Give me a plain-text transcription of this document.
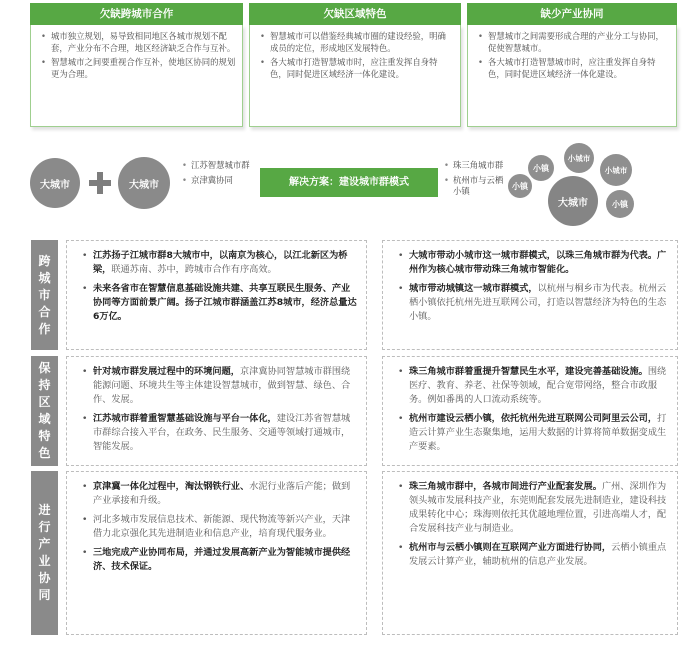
欠缺跨城市合作
• 城市独立规划，易导致相同地区各城市规划不配套，产业分布不合理，地区经济缺乏合作与互补。
• 智慧城市之间要重视合作互补，使地区协同的规划更为合理。
欠缺区域特色
• 智慧城市可以借鉴经典城市圈的建设经验，明确成员的定位，形成地区发展特色。
• 各大城市打造智慧城市时，应注重发挥自身特色，同时促进区域经济一体化建设。
缺少产业协同
• 智慧城市之间需要形成合理的产业分工与协同，促使智慧城市。
• 各大城市打造智慧城市时，应注重发挥自身特色，同时促进区域经济一体化建设。
大城市	大城市
• 江苏智慧城市群
• 京津冀协同	解决方案：建设城市群模式
• 珠三角城市群
• 杭州市与云栖小镇
大城市
小镇
小城市
小镇
小城市
小镇
跨城市合作
• 江苏扬子江城市群8大城市中，以南京为核心，以江北新区为桥梁，联通苏南、苏中，跨城市合作有序高效。
• 未来各省市在智慧信息基础设施共建、共享互联民生服务、产业协同等方面前景广阔。扬子江城市群涵盖江苏8城市，经济总量达6万亿。
• 大城市带动小城市这一城市群模式，以珠三角城市群为代表。广州作为核心城市带动珠三角城市智能化。
• 城市带动城镇这一城市群模式，以杭州与桐乡市为代表。杭州云栖小镇依托杭州先进互联网公司，打造以智慧经济为特色的生态小镇。
保持区域特色
• 针对城市群发展过程中的环境问题，京津冀协同智慧城市群围绕能源问题、环境共生等主体建设智慧城市，做到智慧、绿色、合作、发展。
• 江苏城市群着重智慧基础设施与平台一体化，建设江苏省智慧城市群综合接入平台，在政务、民生服务、交通等领域打通城市，智能发展。
• 珠三角城市群着重提升智慧民生水平，建设完善基础设施。围绕医疗、教育、养老、社保等领域，配合宽带网络，整合市政服务。例如番禺的人口流动系统等。
• 杭州市建设云栖小镇，依托杭州先进互联网公司阿里云公司，打造云计算产业生态聚集地，运用大数据的计算将简单数据变成生产要素。
进行产业协同
• 京津冀一体化过程中，淘汰钢铁行业、水泥行业落后产能；做到产业承接和升级。
• 河北多城市发展信息技术、新能源、现代物流等新兴产业，天津借力北京强化其先进制造业和信息产业，培育现代服务业。
• 三地完成产业协同布局，并通过发展高新产业为智能城市提供经济、技术保证。
• 珠三角城市群中，各城市间进行产业配套发展。广州、深圳作为领头城市发展科技产业，东莞则配套发展先进制造业，建设科技成果转化中心；珠海则依托其优越地理位置，引进高端人才，配合发展科技产业与制造业。
• 杭州市与云栖小镇则在互联网产业方面进行协同，云栖小镇重点发展云计算产业，辅助杭州的信息产业发展。
